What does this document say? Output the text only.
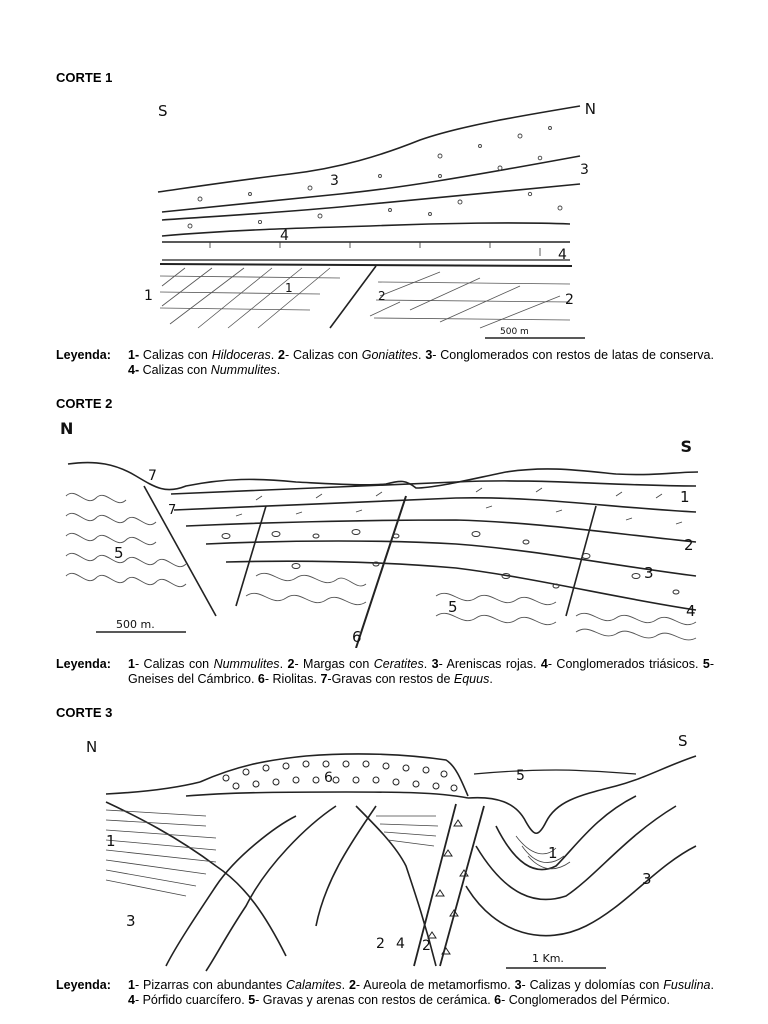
CORTE 1
S	N
3
3
4
4
1	1
2	2
500 m
Leyenda: 1- Calizas con Hildoceras. 2- Calizas con Goniatites. 3- Conglomerados con restos de latas de conserva. 4- Calizas con Nummulites.
CORTE 2
N
S
7
7
1
2
3
4
5
5
6
500 m.
Leyenda: 1- Calizas con Nummulites. 2- Margas con Ceratites. 3- Areniscas rojas. 4- Conglomerados triásicos. 5- Gneises del Cámbrico. 6- Riolitas. 7-Gravas con restos de Equus.
CORTE 3
N	S
6	5
1
1
3
3
2 4 2
1 Km.
Leyenda: 1- Pizarras con abundantes Calamites. 2- Aureola de metamorfismo. 3- Calizas y dolomías con Fusulina. 4- Pórfido cuarcífero. 5- Gravas y arenas con restos de cerámica. 6- Conglomerados del Pérmico.
